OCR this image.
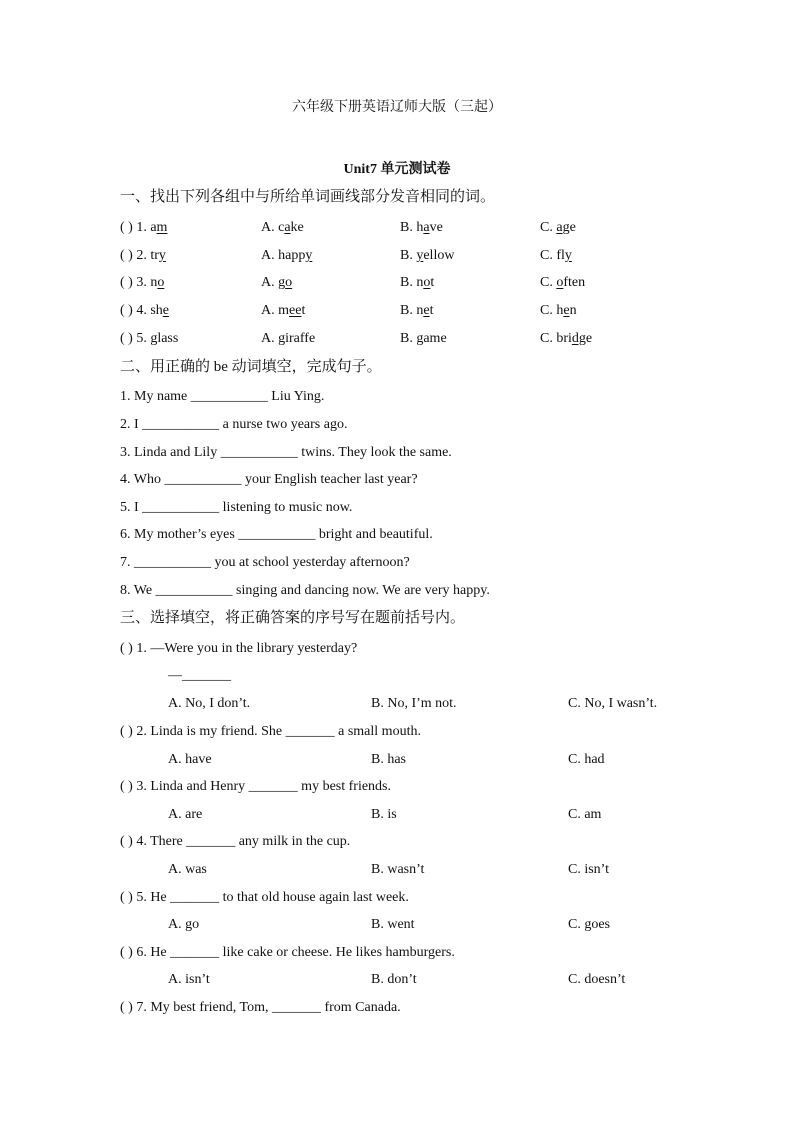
六年级下册英语辽师大版（三起）
Unit7 单元测试卷
一、找出下列各组中与所给单词画线部分发音相同的词。
( ) 1. am	A. cake	B. have	C. age
( ) 2. try	A. happy	B. yellow	C. fly
( ) 3. no	A. go	B. not	C. often
( ) 4. she	A. meet	B. net	C. hen
( ) 5. glass	A. giraffe	B. game	C. bridge
二、用正确的 be 动词填空，完成句子。
1. My name ___________ Liu Ying.
2. I ___________ a nurse two years ago.
3. Linda and Lily ___________ twins. They look the same.
4. Who ___________ your English teacher last year?
5. I ___________ listening to music now.
6. My mother’s eyes ___________ bright and beautiful.
7. ___________ you at school yesterday afternoon?
8. We ___________ singing and dancing now. We are very happy.
三、选择填空，将正确答案的序号写在题前括号内。
( ) 1. —Were you in the library yesterday?
—_______
A. No, I don’t.	B. No, I’m not.	C. No, I wasn’t.
( ) 2. Linda is my friend. She _______ a small mouth.
A. have	B. has	C. had
( ) 3. Linda and Henry _______ my best friends.
A. are	B. is	C. am
( ) 4. There _______ any milk in the cup.
A. was	B. wasn’t	C. isn’t
( ) 5. He _______ to that old house again last week.
A. go	B. went	C. goes
( ) 6. He _______ like cake or cheese. He likes hamburgers.
A. isn’t	B. don’t	C. doesn’t
( ) 7. My best friend, Tom, _______ from Canada.
